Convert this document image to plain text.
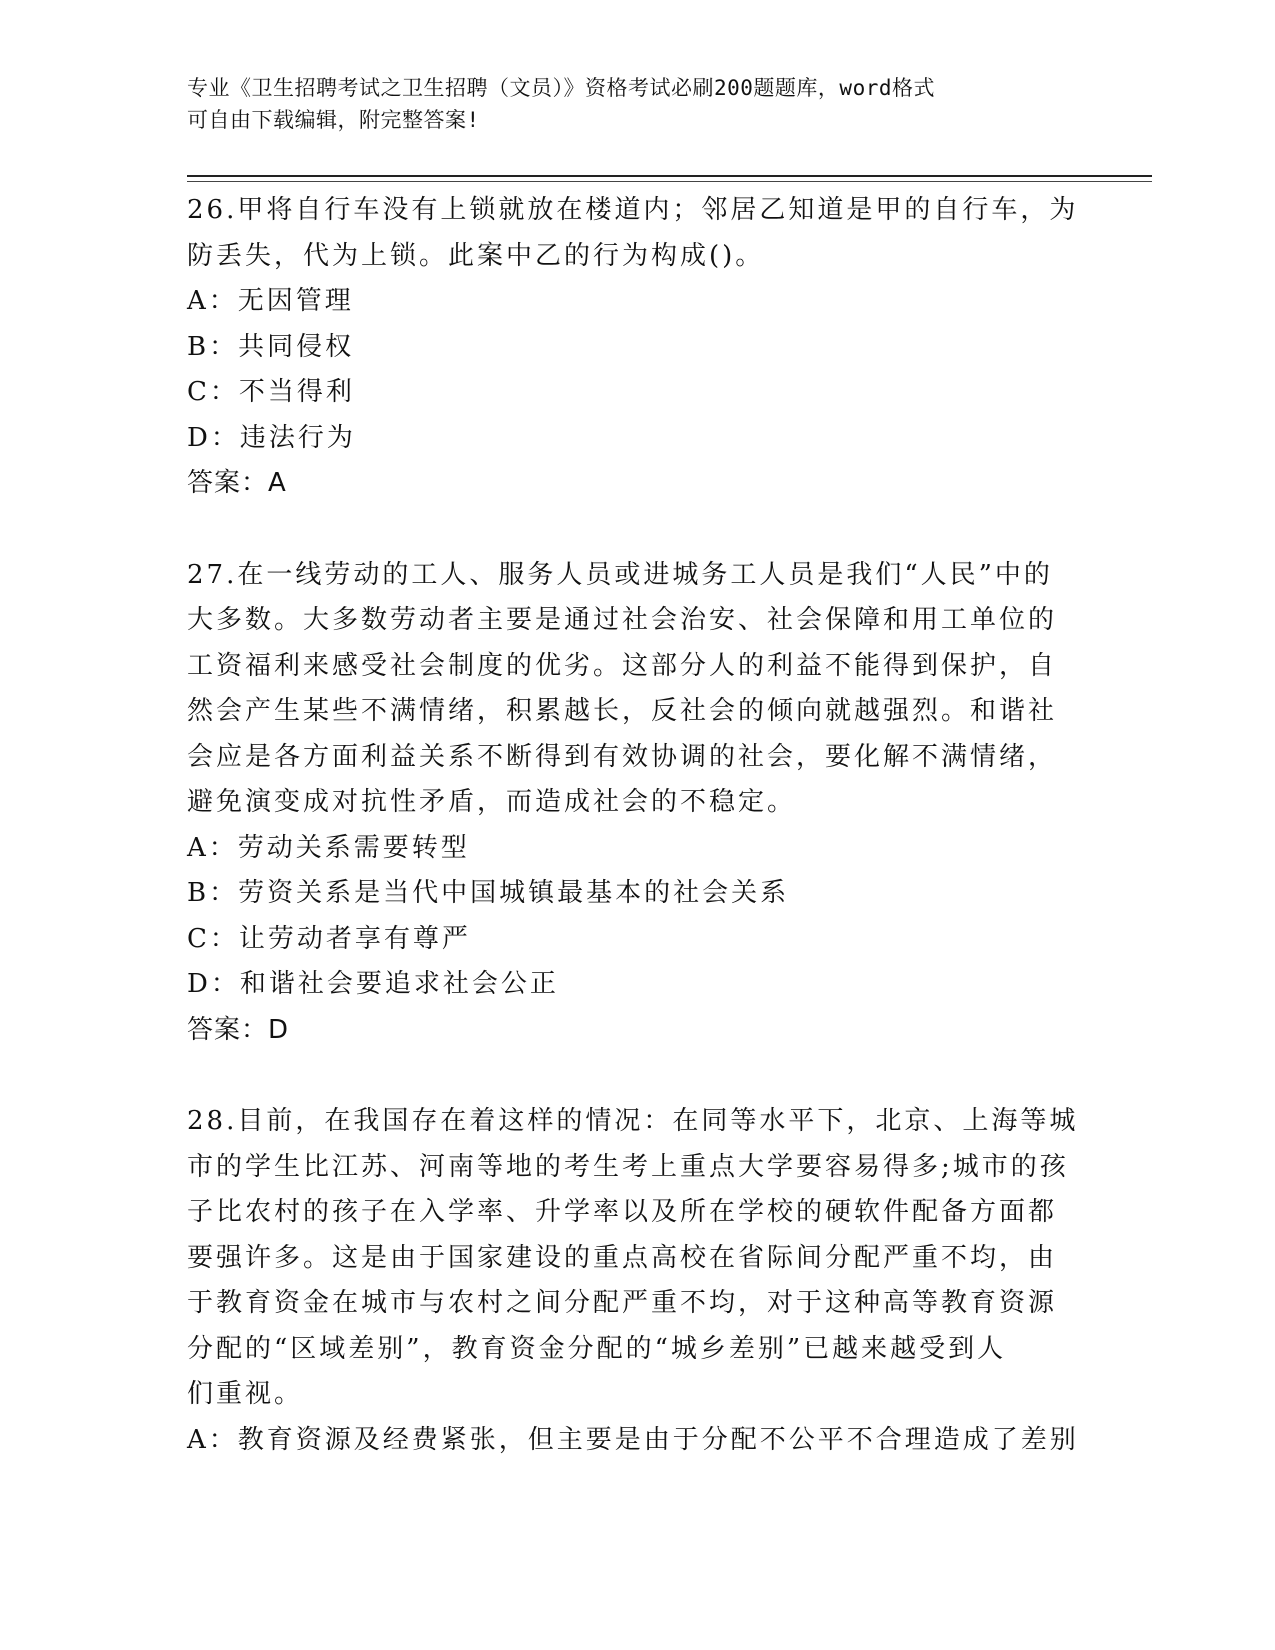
专业《卫生招聘考试之卫生招聘（文员）》资格考试必刷200题题库，word格式
可自由下载编辑，附完整答案!
26.甲将自行车没有上锁就放在楼道内；邻居乙知道是甲的自行车，为
防丢失，代为上锁。此案中乙的行为构成()。
A：无因管理
B：共同侵权
C：不当得利
D：违法行为
答案：A
27.在一线劳动的工人、服务人员或进城务工人员是我们“人民”中的
大多数。大多数劳动者主要是通过社会治安、社会保障和用工单位的
工资福利来感受社会制度的优劣。这部分人的利益不能得到保护，自
然会产生某些不满情绪，积累越长，反社会的倾向就越强烈。和谐社
会应是各方面利益关系不断得到有效协调的社会，要化解不满情绪，
避免演变成对抗性矛盾，而造成社会的不稳定。
A：劳动关系需要转型
B：劳资关系是当代中国城镇最基本的社会关系
C：让劳动者享有尊严
D：和谐社会要追求社会公正
答案：D
28.目前，在我国存在着这样的情况：在同等水平下，北京、上海等城
市的学生比江苏、河南等地的考生考上重点大学要容易得多;城市的孩
子比农村的孩子在入学率、升学率以及所在学校的硬软件配备方面都
要强许多。这是由于国家建设的重点高校在省际间分配严重不均，由
于教育资金在城市与农村之间分配严重不均，对于这种高等教育资源
分配的“区域差别”，教育资金分配的“城乡差别”已越来越受到人
们重视。
A：教育资源及经费紧张，但主要是由于分配不公平不合理造成了差别
